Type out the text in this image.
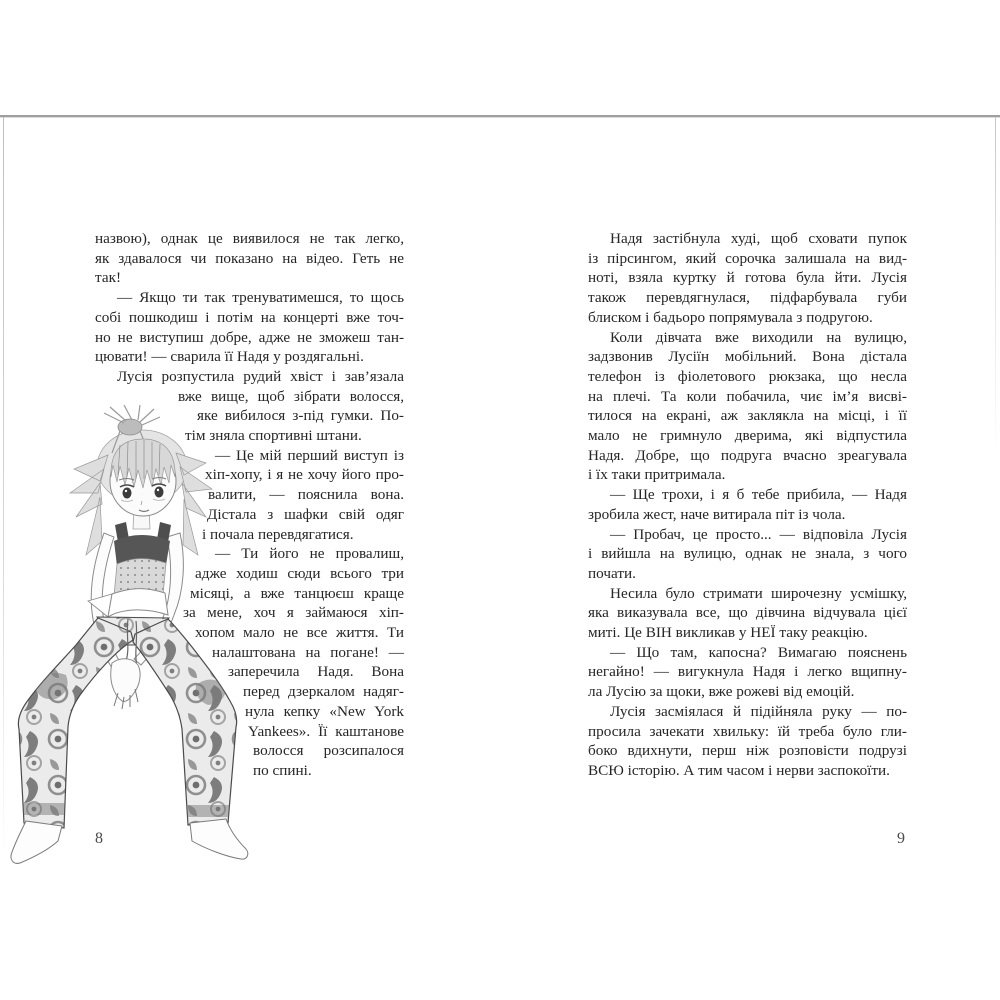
назвою), однак це виявилося не так легко,
як здавалося чи показано на відео. Геть не
так!
— Якщо ти так тренуватимешся, то щось
собі пошкодиш і потім на концерті вже точ-
но не виступиш добре, адже не зможеш тан-
цювати! — сварила її Надя у роздягальні.
Лусія розпустила рудий хвіст і зав’язала
вже вище, щоб зібрати волосся,
яке вибилося з-під гумки. По-
тім зняла спортивні штани.
— Це мій перший виступ із
хіп-хопу, і я не хочу його про-
валити, — пояснила вона.
Дістала з шафки свій одяг
і почала перевдягатися.
— Ти його не провалиш,
адже ходиш сюди всього три
місяці, а вже танцюєш краще
за мене, хоч я займаюся хіп-
хопом мало не все життя. Ти
налаштована на погане! —
заперечила Надя. Вона
перед дзеркалом надяг-
нула кепку «New York
Yankees». Її каштанове
волосся розсипалося
по спині.
Надя застібнула худі, щоб сховати пупок
із пірсингом, який сорочка залишала на вид-
ноті, взяла куртку й готова була йти. Лусія
також перевдягнулася, підфарбувала губи
блиском і бадьоро попрямувала з подругою.
Коли дівчата вже виходили на вулицю,
задзвонив Лусіїн мобільний. Вона дістала
телефон із фіолетового рюкзака, що несла
на плечі. Та коли побачила, чиє ім’я висві-
тилося на екрані, аж заклякла на місці, і її
мало не гримнуло дверима, які відпустила
Надя. Добре, що подруга вчасно зреагувала
і їх таки притримала.
— Ще трохи, і я б тебе прибила, — Надя
зробила жест, наче витирала піт із чола.
— Пробач, це просто... — відповіла Лусія
і вийшла на вулицю, однак не знала, з чого
почати.
Несила було стримати широчезну усмішку,
яка виказувала все, що дівчина відчувала цієї
миті. Це ВІН викликав у НЕЇ таку реакцію.
— Що там, капосна? Вимагаю пояснень
негайно! — вигукнула Надя і легко вщипну-
ла Лусію за щоки, вже рожеві від емоцій.
Лусія засміялася й підійняла руку — по-
просила зачекати хвильку: їй треба було гли-
боко вдихнути, перш ніж розповісти подрузі
ВСЮ історію. А тим часом і нерви заспокоїти.
8	9
